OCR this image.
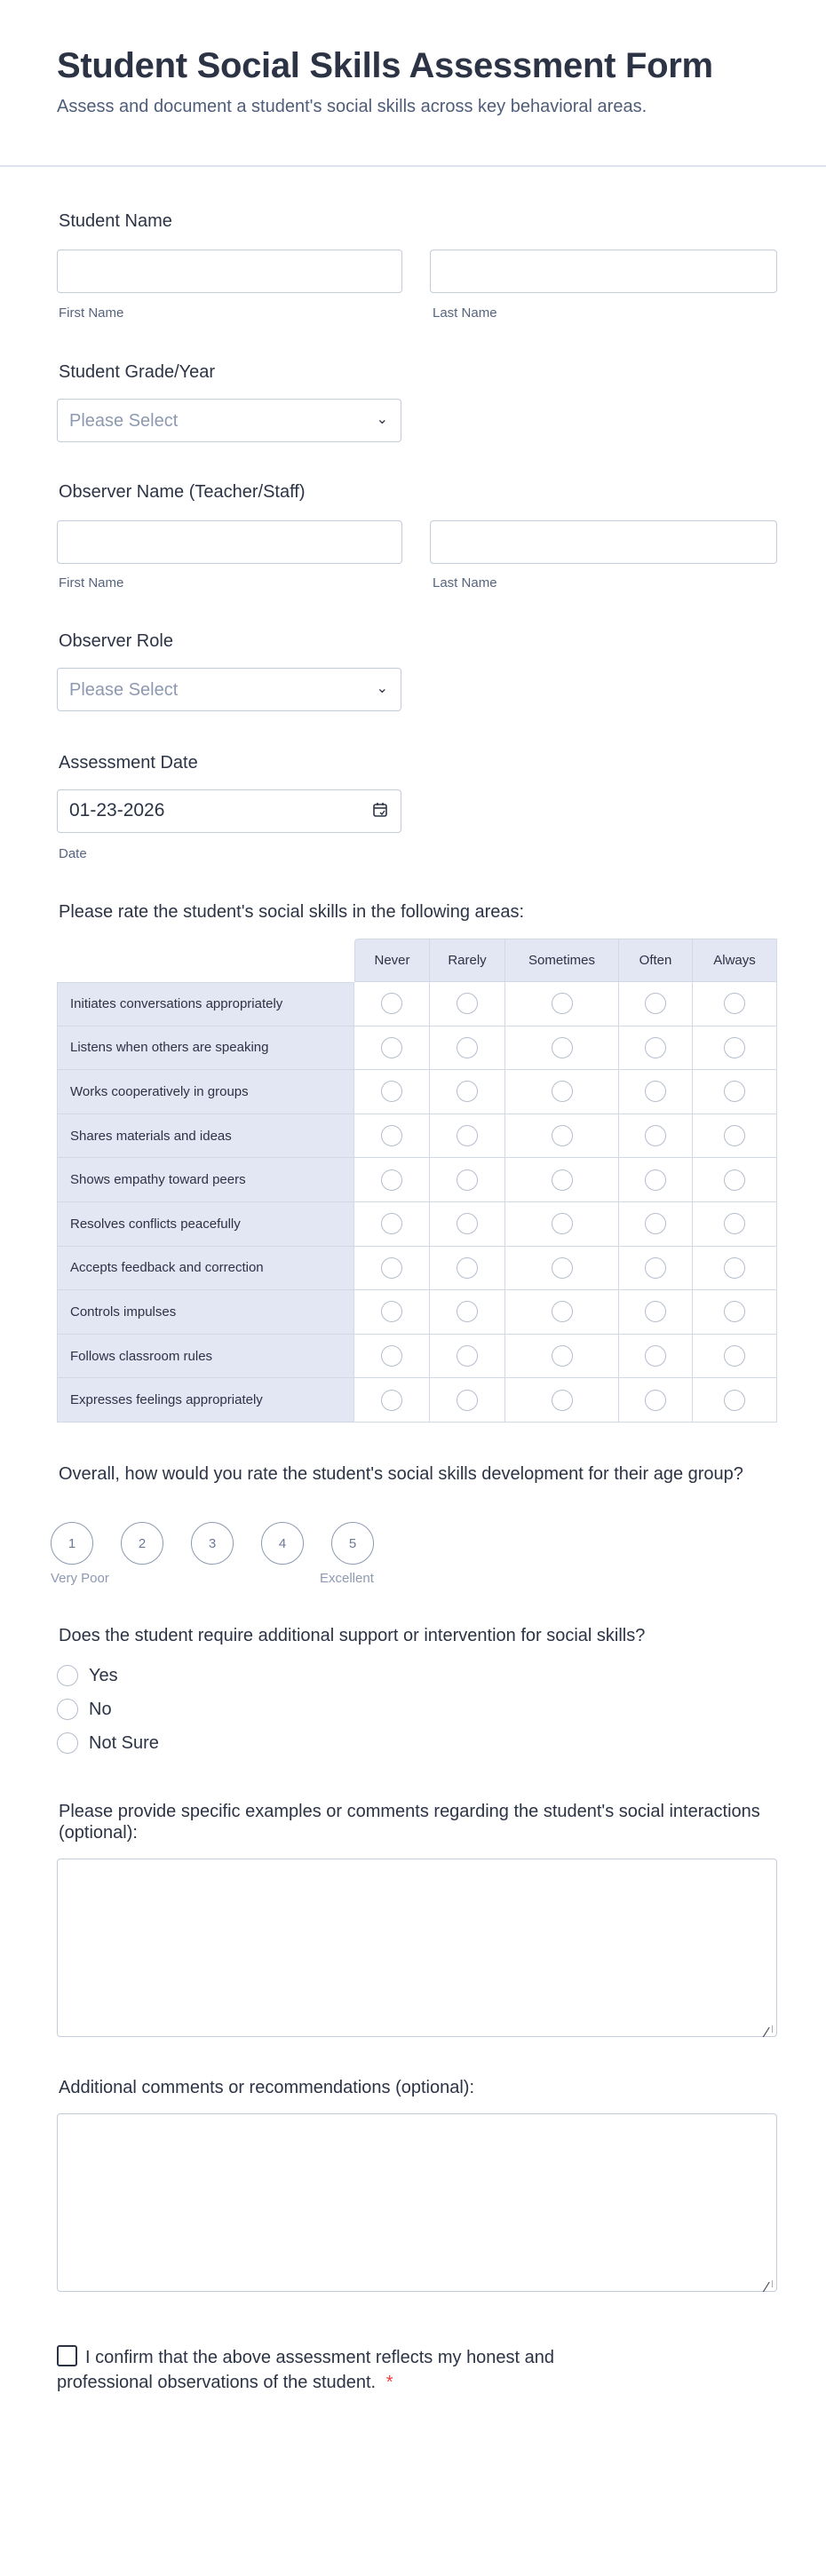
Student Social Skills Assessment Form
Assess and document a student's social skills across key behavioral areas.
Student Name
First Name	Last Name
Student Grade/Year
Please Select	⌄
Observer Name (Teacher/Staff)
First Name	Last Name
Observer Role
Please Select	⌄
Assessment Date
01-23-2026
Date
Please rate the student's social skills in the following areas:
	Never	Rarely	Sometimes	Often	Always
Initiates conversations appropriately					
Listens when others are speaking					
Works cooperatively in groups					
Shares materials and ideas					
Shows empathy toward peers					
Resolves conflicts peacefully					
Accepts feedback and correction					
Controls impulses					
Follows classroom rules					
Expresses feelings appropriately					
Overall, how would you rate the student's social skills development for their age group?
1	2	3	4	5
Very Poor	Excellent
Does the student require additional support or intervention for social skills?
Yes
No
Not Sure
Please provide specific examples or comments regarding the student's social interactions (optional):
∕
Additional comments or recommendations (optional):
∕
I confirm that the above assessment reflects my honest and professional observations of the student. *
